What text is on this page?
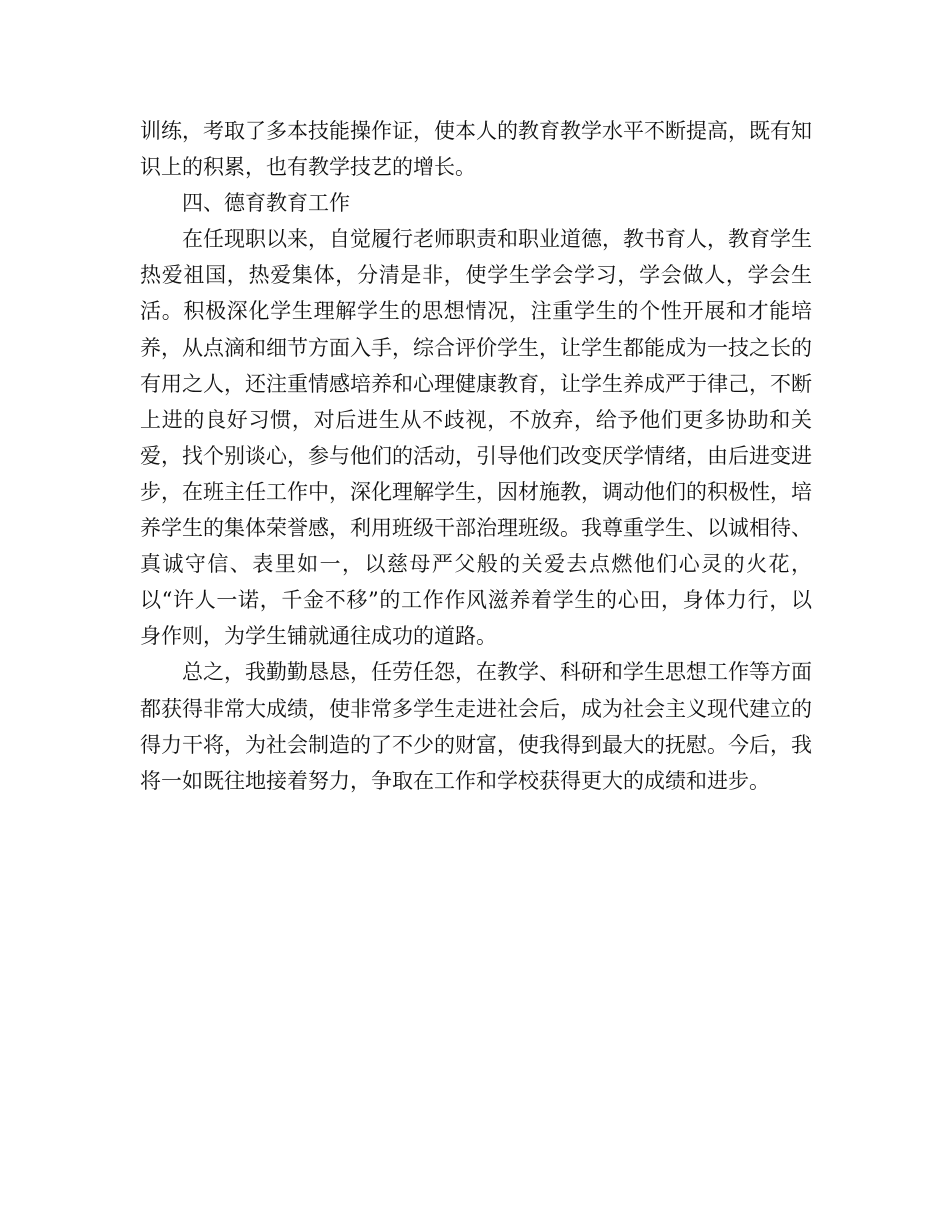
训练，考取了多本技能操作证，使本人的教育教学水平不断提高，既有知识上的积累，也有教学技艺的增长。

四、德育教育工作

在任现职以来，自觉履行老师职责和职业道德，教书育人，教育学生热爱祖国，热爱集体，分清是非，使学生学会学习，学会做人，学会生活。积极深化学生理解学生的思想情况，注重学生的个性开展和才能培养，从点滴和细节方面入手，综合评价学生，让学生都能成为一技之长的有用之人，还注重情感培养和心理健康教育，让学生养成严于律己，不断上进的良好习惯，对后进生从不歧视，不放弃，给予他们更多协助和关爱，找个别谈心，参与他们的活动，引导他们改变厌学情绪，由后进变进步，在班主任工作中，深化理解学生，因材施教，调动他们的积极性，培养学生的集体荣誉感，利用班级干部治理班级。我尊重学生、以诚相待、真诚守信、表里如一，以慈母严父般的关爱去点燃他们心灵的火花，以“许人一诺，千金不移”的工作作风滋养着学生的心田，身体力行，以身作则，为学生铺就通往成功的道路。

总之，我勤勤恳恳，任劳任怨，在教学、科研和学生思想工作等方面都获得非常大成绩，使非常多学生走进社会后，成为社会主义现代建立的得力干将，为社会制造的了不少的财富，使我得到最大的抚慰。今后，我将一如既往地接着努力，争取在工作和学校获得更大的成绩和进步。
